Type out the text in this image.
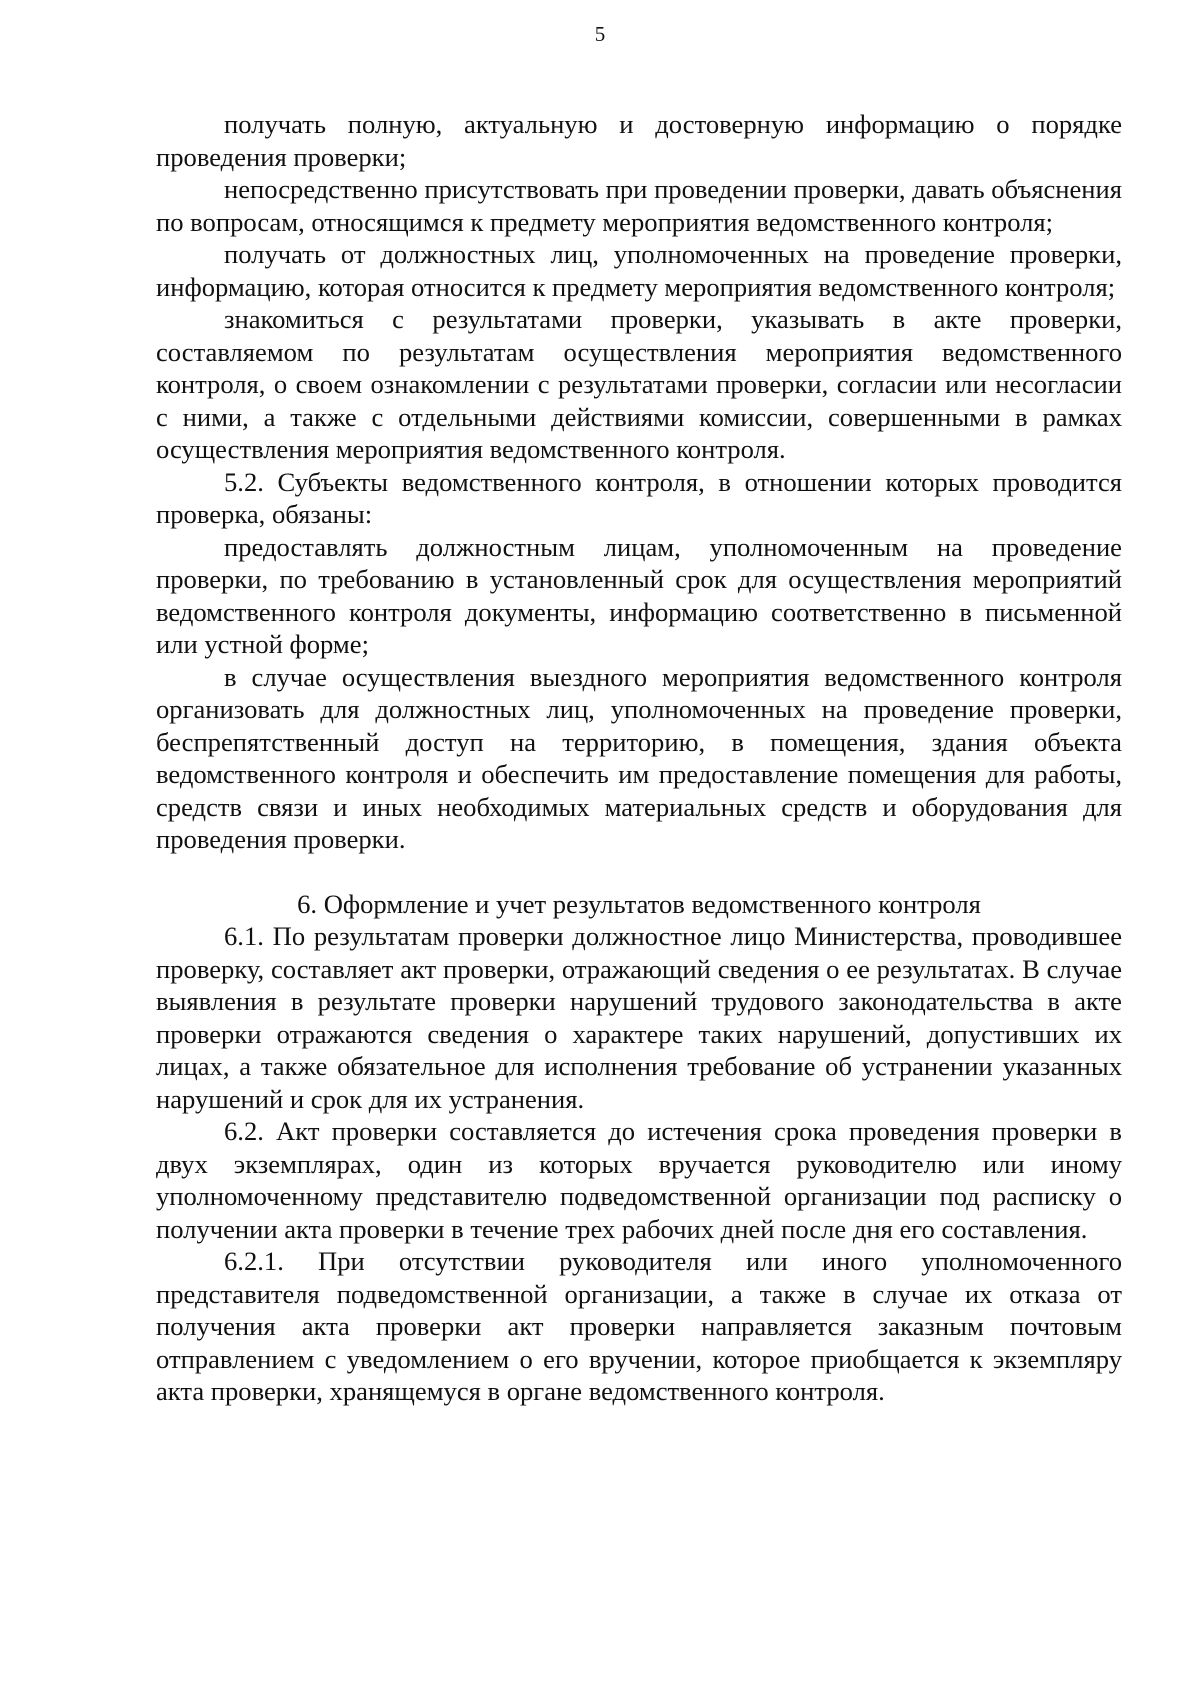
5

получать полную, актуальную и достоверную информацию о порядке проведения проверки;

непосредственно присутствовать при проведении проверки, давать объяснения по вопросам, относящимся к предмету мероприятия ведомственного контроля;

получать от должностных лиц, уполномоченных на проведение проверки, информацию, которая относится к предмету мероприятия ведомственного контроля;

знакомиться с результатами проверки, указывать в акте проверки, составляемом по результатам осуществления мероприятия ведомственного контроля, о своем ознакомлении с результатами проверки, согласии или несогласии с ними, а также с отдельными действиями комиссии, совершенными в рамках осуществления мероприятия ведомственного контроля.

5.2. Субъекты ведомственного контроля, в отношении которых проводится проверка, обязаны:

предоставлять должностным лицам, уполномоченным на проведение проверки, по требованию в установленный срок для осуществления мероприятий ведомственного контроля документы, информацию соответственно в письменной или устной форме;

в случае осуществления выездного мероприятия ведомственного контроля организовать для должностных лиц, уполномоченных на проведение проверки, беспрепятственный доступ на территорию, в помещения, здания объекта ведомственного контроля и обеспечить им предоставление помещения для работы, средств связи и иных необходимых материальных средств и оборудования для проведения проверки.

6. Оформление и учет результатов ведомственного контроля

6.1. По результатам проверки должностное лицо Министерства, проводившее проверку, составляет акт проверки, отражающий сведения о ее результатах. В случае выявления в результате проверки нарушений трудового законодательства в акте проверки отражаются сведения о характере таких нарушений, допустивших их лицах, а также обязательное для исполнения требование об устранении указанных нарушений и срок для их устранения.

6.2. Акт проверки составляется до истечения срока проведения проверки в двух экземплярах, один из которых вручается руководителю или иному уполномоченному представителю подведомственной организации под расписку о получении акта проверки в течение трех рабочих дней после дня его составления.

6.2.1. При отсутствии руководителя или иного уполномоченного представителя подведомственной организации, а также в случае их отказа от получения акта проверки акт проверки направляется заказным почтовым отправлением с уведомлением о его вручении, которое приобщается к экземпляру акта проверки, хранящемуся в органе ведомственного контроля.
